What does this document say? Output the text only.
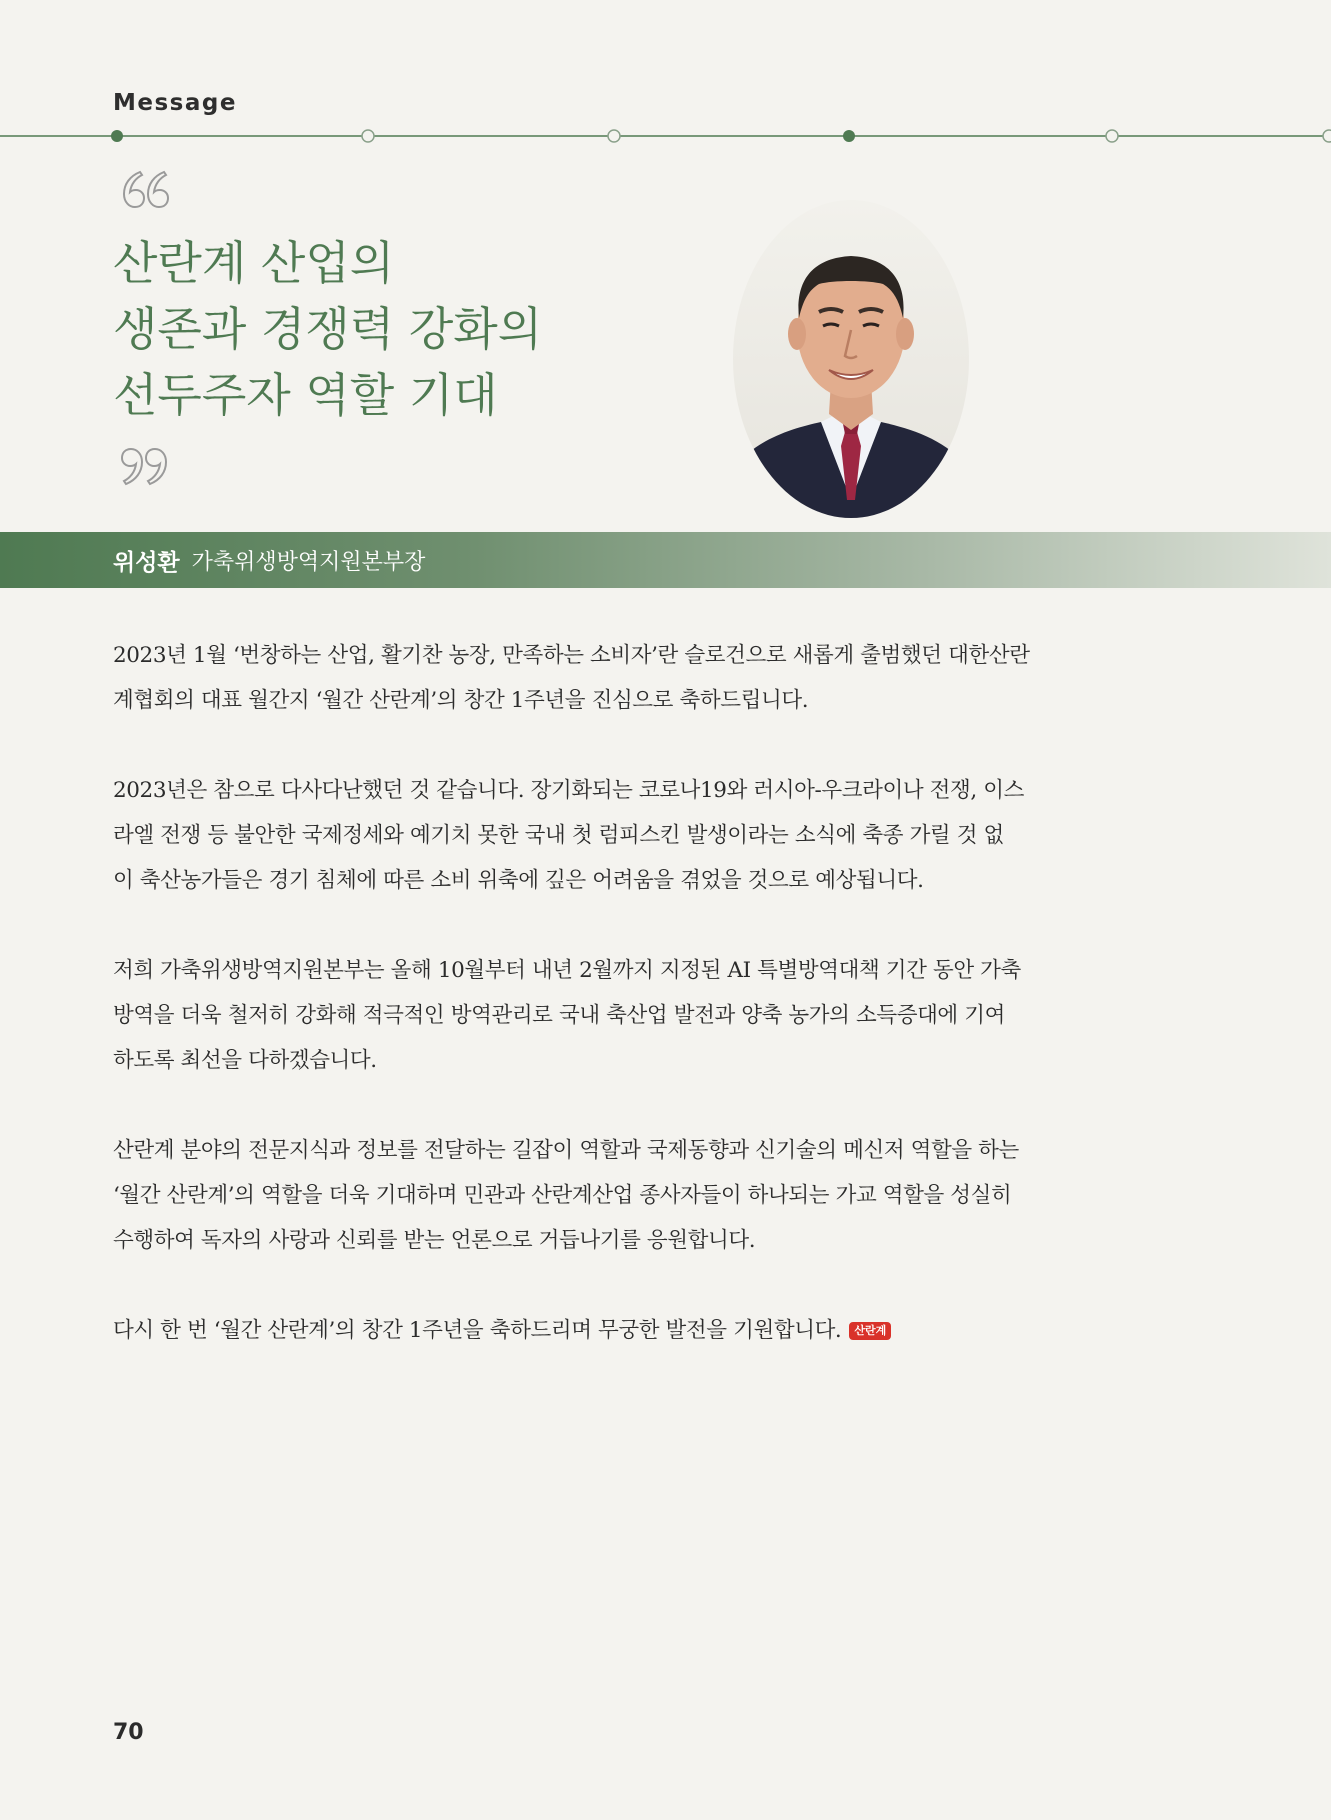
Message
산란계 산업의
생존과 경쟁력 강화의
선두주자 역할 기대
위성환 가축위생방역지원본부장
2023년 1월 ‘번창하는 산업, 활기찬 농장, 만족하는 소비자’란 슬로건으로 새롭게 출범했던 대한산란
계협회의 대표 월간지 ‘월간 산란계’의 창간 1주년을 진심으로 축하드립니다.
2023년은 참으로 다사다난했던 것 같습니다. 장기화되는 코로나19와 러시아-우크라이나 전쟁, 이스
라엘 전쟁 등 불안한 국제정세와 예기치 못한 국내 첫 럼피스킨 발생이라는 소식에 축종 가릴 것 없
이 축산농가들은 경기 침체에 따른 소비 위축에 깊은 어려움을 겪었을 것으로 예상됩니다.
저희 가축위생방역지원본부는 올해 10월부터 내년 2월까지 지정된 AI 특별방역대책 기간 동안 가축
방역을 더욱 철저히 강화해 적극적인 방역관리로 국내 축산업 발전과 양축 농가의 소득증대에 기여
하도록 최선을 다하겠습니다.
산란계 분야의 전문지식과 정보를 전달하는 길잡이 역할과 국제동향과 신기술의 메신저 역할을 하는
‘월간 산란계’의 역할을 더욱 기대하며 민관과 산란계산업 종사자들이 하나되는 가교 역할을 성실히
수행하여 독자의 사랑과 신뢰를 받는 언론으로 거듭나기를 응원합니다.
다시 한 번 ‘월간 산란계’의 창간 1주년을 축하드리며 무궁한 발전을 기원합니다. 산란계
70
